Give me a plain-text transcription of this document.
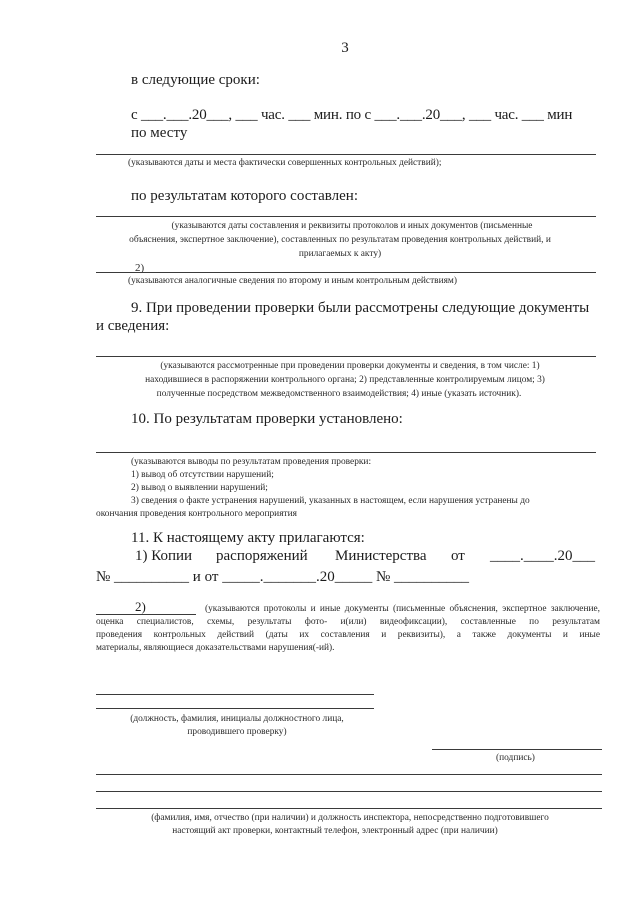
3
в следующие сроки:
с ___.___.20___, ___ час. ___ мин. по с ___.___.20___, ___ час. ___ мин
по месту
(указываются даты и места фактически совершенных контрольных действий);
по результатам которого составлен:
(указываются даты составления и реквизиты протоколов и иных документов (письменные
объяснения, экспертное заключение), составленных по результатам проведения контрольных действий, и
прилагаемых к акту)
2)
(указываются аналогичные сведения по второму и иным контрольным действиям)
9. При проведении проверки были рассмотрены следующие документы
и сведения:
(указываются рассмотренные при проведении проверки документы и сведения, в том числе: 1)
находившиеся в распоряжении контрольного органа; 2) представленные контролируемым лицом; 3)
полученные посредством межведомственного взаимодействия; 4) иные (указать источник).
10. По результатам проверки установлено:
(указываются выводы по результатам проведения проверки:
1) вывод об отсутствии нарушений;
2) вывод о выявлении нарушений;
3) сведения о факте устранения нарушений, указанных в настоящем, если нарушения устранены до
окончания проведения контрольного мероприятия
11. К настоящему акту прилагаются:
1) Копии распоряжений Министерства от ____.____.20___
№ __________ и от _____._______.20_____ № __________
2)	(указываются протоколы и иные документы (письменные объяснения, экспертное заключение,
оценка специалистов, схемы, результаты фото- и(или) видеофиксации), составленные по результатам
проведения контрольных действий (даты их составления и реквизиты), а также документы и иные
материалы, являющиеся доказательствами нарушения(-ий).
(должность, фамилия, инициалы должностного лица,
проводившего проверку)
(подпись)
(фамилия, имя, отчество (при наличии) и должность инспектора, непосредственно подготовившего
настоящий акт проверки, контактный телефон, электронный адрес (при наличии)
